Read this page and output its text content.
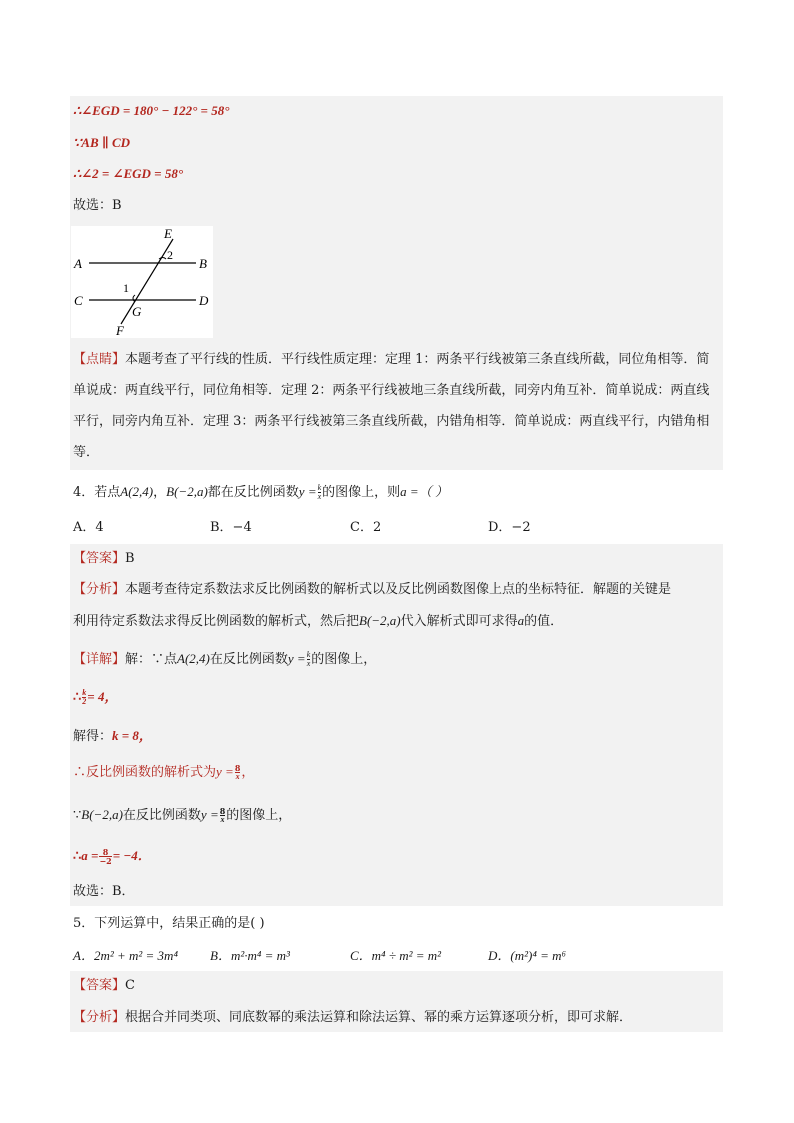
∴∠EGD = 180° − 122° = 58°
∵AB ∥ CD
∴∠2 = ∠EGD = 58°
故选：B
E
2
A	B
1
C	D
G
F
【点睛】本题考查了平行线的性质．平行线性质定理：定理 1：两条平行线被第三条直线所截，同位角相等．简单说成：两直线平行，同位角相等．定理 2：两条平行线被地三条直线所截，同旁内角互补．简单说成：两直线平行，同旁内角互补．定理 3：两条平行线被第三条直线所截，内错角相等．简单说成：两直线平行，内错角相等．
4．若点A(2,4)，B(−2,a)都在反比例函数$y = \frac{k}{x}$ 的图像上，则a =（ ）
A．4	B．−4	C．2	D．−2
【答案】B
【分析】本题考查待定系数法求反比例函数的解析式以及反比例函数图像上点的坐标特征．解题的关键是
利用待定系数法求得反比例函数的解析式，然后把B(−2,a)代入解析式即可求得a的值．
【详解】解：∵点A(2,4)在反比例函数$y = \frac{k}{x}$ 的图像上，
∴ $\frac{k}{2} = 4$，
解得：k = 8，
∴反比例函数的解析式为$y = \frac{8}{x}$ ，
∵B(−2,a)在反比例函数$y = \frac{8}{x}$ 的图像上，
∴a = $\frac{8}{-2} = -4$．
故选：B．
5．下列运算中，结果正确的是( )
A．2m² + m² = 3m⁴ B．m²·m⁴ = m³	C．m⁴ ÷ m² = m²	D．(m²)⁴ = m⁶
【答案】C
【分析】根据合并同类项、同底数幂的乘法运算和除法运算、幂的乘方运算逐项分析，即可求解．
